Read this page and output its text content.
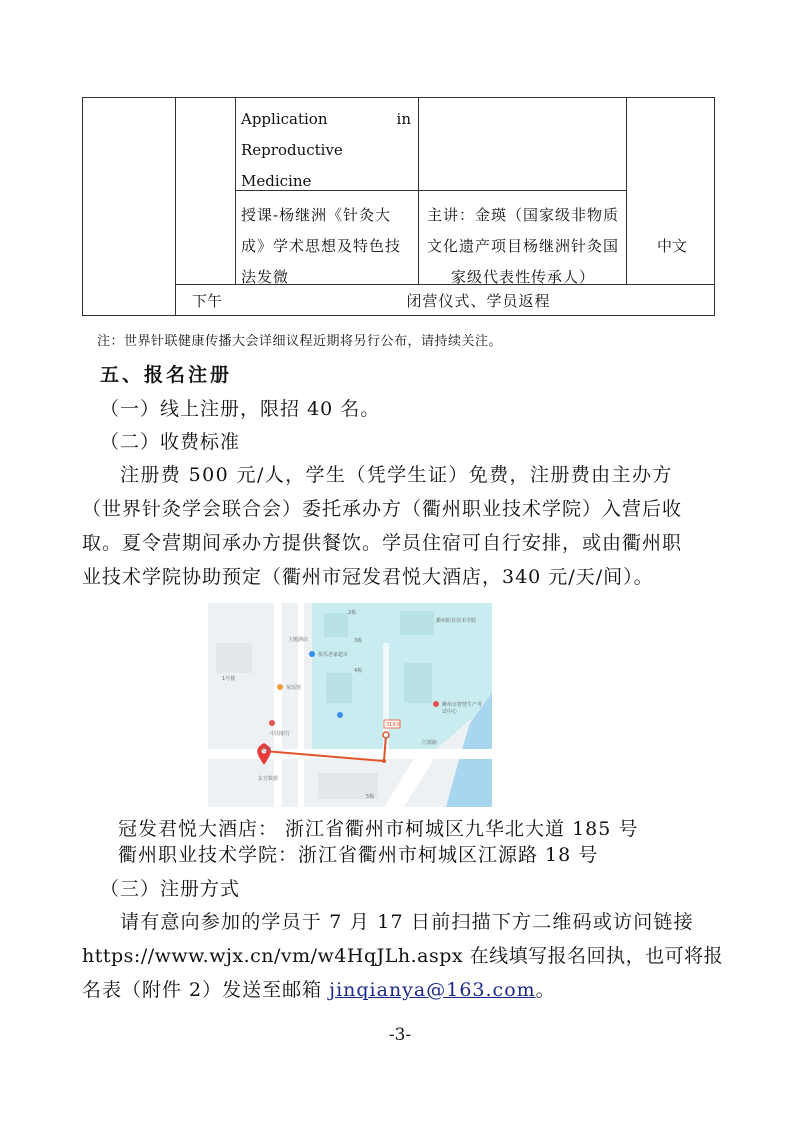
Application	in
Reproductive
Medicine
授课-杨继洲《针灸大
成》学术思想及特色技
法发微
主讲：金瑛（国家级非物质
文化遗产项目杨继洲针灸国
家级代表性传承人）
中文
下午	闭营仪式、学员返程
注：世界针联健康传播大会详细议程近期将另行公布，请持续关注。
五、报名注册
（一）线上注册，限招 40 名。
（二）收费标准
注册费 500 元/人，学生（凭学生证）免费，注册费由主办方
（世界针灸学会联合会）委托承办方（衢州职业技术学院）入营后收
取。夏令营期间承办方提供餐饮。学员住宿可自行安排，或由衢州职
业技术学院协助预定（衢州市冠发君悦大酒店，340 元/天/间）。
衢州职业技术学院
快乐老家超市
主题酒店
某饭馆
中国银行
衢州市智慧生产考试中心
东方数据
318米
起点
2栋
3栋
4栋
1号楼
5栋
江源路
冠发君悦大酒店： 浙江省衢州市柯城区九华北大道 185 号
衢州职业技术学院：浙江省衢州市柯城区江源路 18 号
（三）注册方式
请有意向参加的学员于 7 月 17 日前扫描下方二维码或访问链接
https://www.wjx.cn/vm/w4HqJLh.aspx 在线填写报名回执，也可将报
名表（附件 2）发送至邮箱 jinqianya@163.com。
-3-
